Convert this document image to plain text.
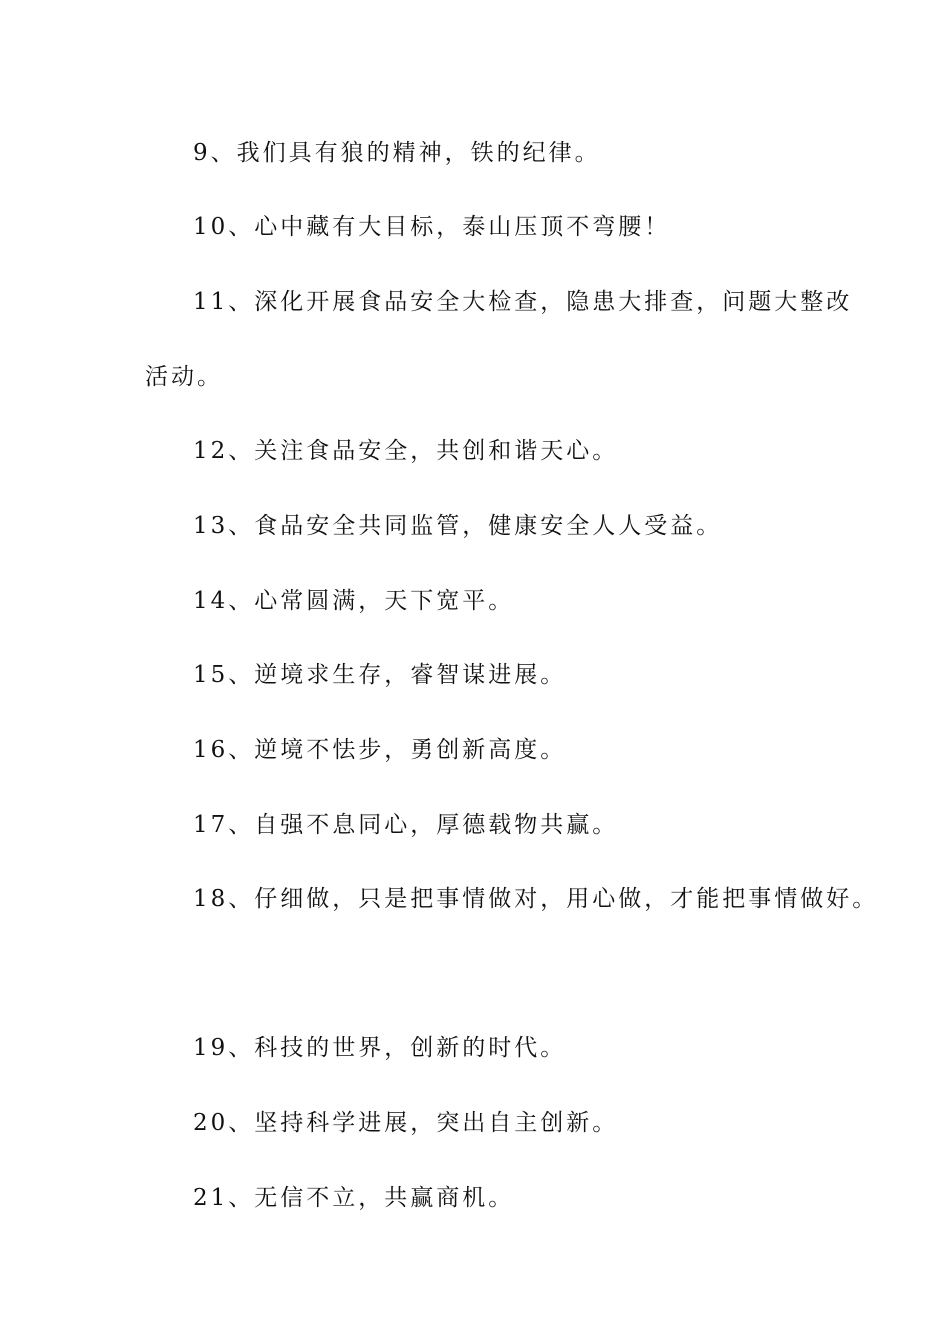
9、我们具有狼的精神，铁的纪律。
10、心中藏有大目标，泰山压顶不弯腰！
11、深化开展食品安全大检查，隐患大排查，问题大整改
活动。
12、关注食品安全，共创和谐天心。
13、食品安全共同监管，健康安全人人受益。
14、心常圆满，天下宽平。
15、逆境求生存，睿智谋进展。
16、逆境不怯步，勇创新高度。
17、自强不息同心，厚德载物共赢。
18、仔细做，只是把事情做对，用心做，才能把事情做好。
19、科技的世界，创新的时代。
20、坚持科学进展，突出自主创新。
21、无信不立，共赢商机。
